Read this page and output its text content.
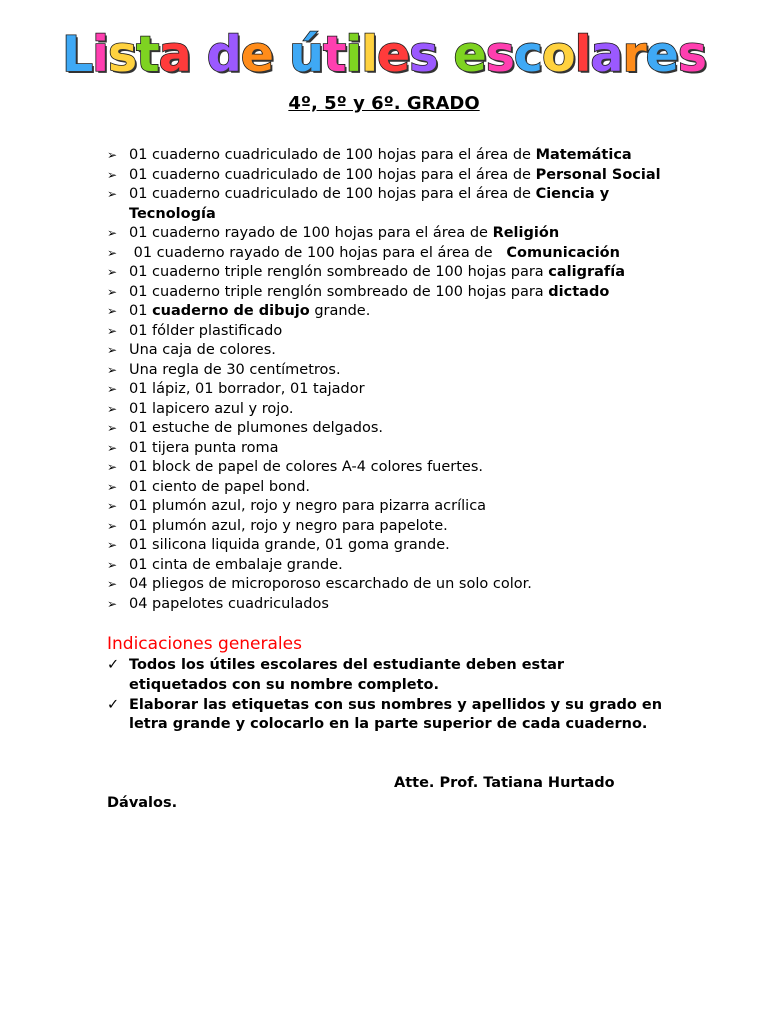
Lista de útiles escolares
4º, 5º y 6º. GRADO
➢ 01 cuaderno cuadriculado de 100 hojas para el área de Matemática
➢ 01 cuaderno cuadriculado de 100 hojas para el área de Personal Social
➢ 01 cuaderno cuadriculado de 100 hojas para el área de Ciencia y Tecnología
➢ 01 cuaderno rayado de 100 hojas para el área de Religión
➢ 01 cuaderno rayado de 100 hojas para el área de   Comunicación
➢ 01 cuaderno triple renglón sombreado de 100 hojas para caligrafía
➢ 01 cuaderno triple renglón sombreado de 100 hojas para dictado
➢ 01 cuaderno de dibujo grande.
➢ 01 fólder plastificado
➢ Una caja de colores.
➢ Una regla de 30 centímetros.
➢ 01 lápiz, 01 borrador, 01 tajador
➢ 01 lapicero azul y rojo.
➢ 01 estuche de plumones delgados.
➢ 01 tijera punta roma
➢ 01 block de papel de colores A-4 colores fuertes.
➢ 01 ciento de papel bond.
➢ 01 plumón azul, rojo y negro para pizarra acrílica
➢ 01 plumón azul, rojo y negro para papelote.
➢ 01 silicona liquida grande, 01 goma grande.
➢ 01 cinta de embalaje grande.
➢ 04 pliegos de microporoso escarchado de un solo color.
➢ 04 papelotes cuadriculados
Indicaciones generales
✓ Todos los útiles escolares del estudiante deben estar etiquetados con su nombre completo.
✓ Elaborar las etiquetas con sus nombres y apellidos y su grado en letra grande y colocarlo en la parte superior de cada cuaderno.
Atte. Prof. Tatiana Hurtado Dávalos.
